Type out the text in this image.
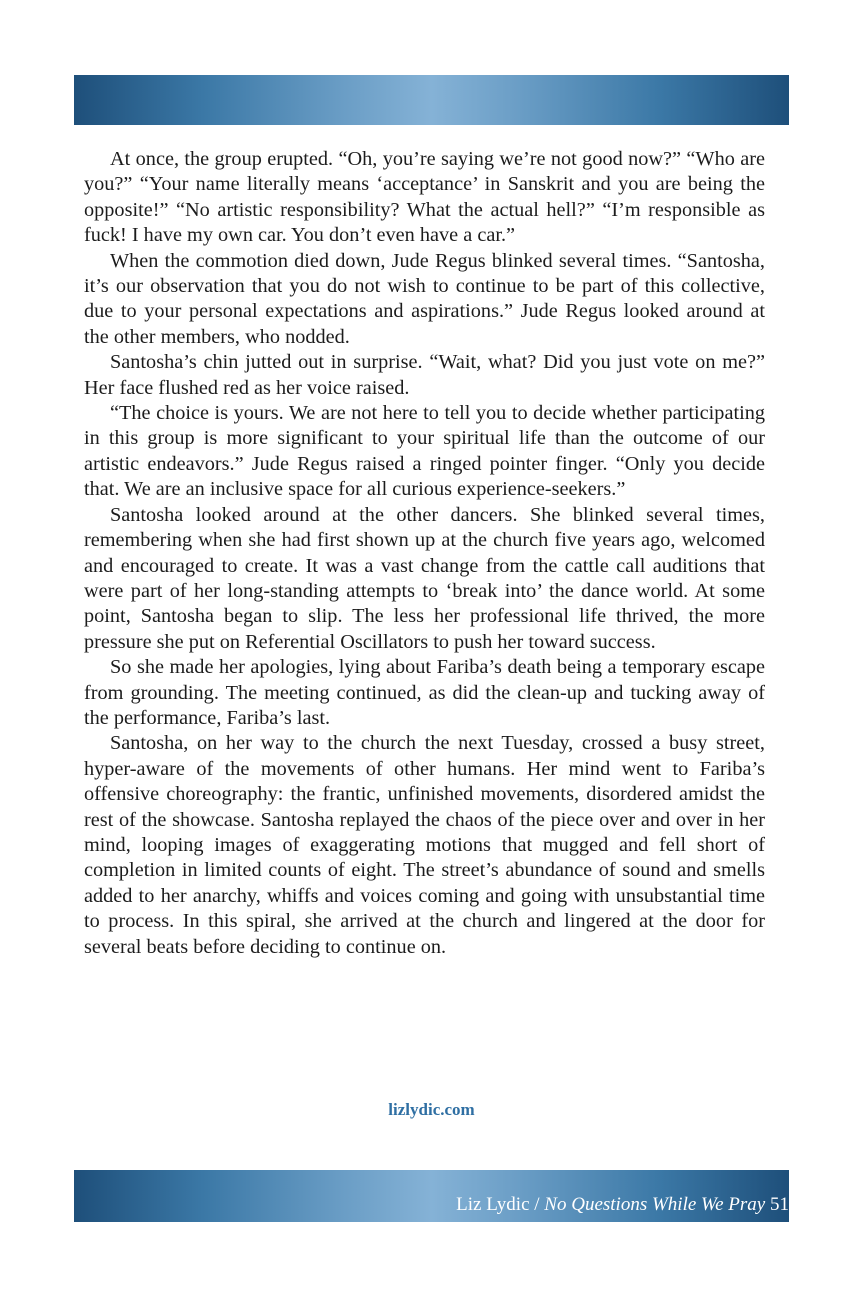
At once, the group erupted. “Oh, you’re saying we’re not good now?” “Who are you?” “Your name literally means ‘acceptance’ in Sanskrit and you are being the opposite!” “No artistic responsibility? What the actual hell?” “I’m responsible as fuck! I have my own car. You don’t even have a car.”

When the commotion died down, Jude Regus blinked several times. “Santosha, it’s our observation that you do not wish to continue to be part of this collective, due to your personal expectations and aspirations.” Jude Regus looked around at the other members, who nodded.

Santosha’s chin jutted out in surprise. “Wait, what? Did you just vote on me?” Her face flushed red as her voice raised.

“The choice is yours. We are not here to tell you to decide whether participating in this group is more significant to your spiritual life than the outcome of our artistic endeavors.” Jude Regus raised a ringed pointer finger. “Only you decide that. We are an inclusive space for all curious experience-seekers.”

Santosha looked around at the other dancers. She blinked several times, remembering when she had first shown up at the church five years ago, welcomed and encouraged to create. It was a vast change from the cattle call auditions that were part of her long-standing attempts to ‘break into’ the dance world. At some point, Santosha began to slip. The less her professional life thrived, the more pressure she put on Referential Oscillators to push her toward success.

So she made her apologies, lying about Fariba’s death being a temporary escape from grounding. The meeting continued, as did the clean-up and tucking away of the performance, Fariba’s last.

Santosha, on her way to the church the next Tuesday, crossed a busy street, hyper-aware of the movements of other humans. Her mind went to Fariba’s offensive choreography: the frantic, unfinished movements, disordered amidst the rest of the showcase. Santosha replayed the chaos of the piece over and over in her mind, looping images of exaggerating motions that mugged and fell short of completion in limited counts of eight. The street’s abundance of sound and smells added to her anarchy, whiffs and voices coming and going with unsubstantial time to process. In this spiral, she arrived at the church and lingered at the door for several beats before deciding to continue on.

lizlydic.com
Liz Lydic / No Questions While We Pray 51
